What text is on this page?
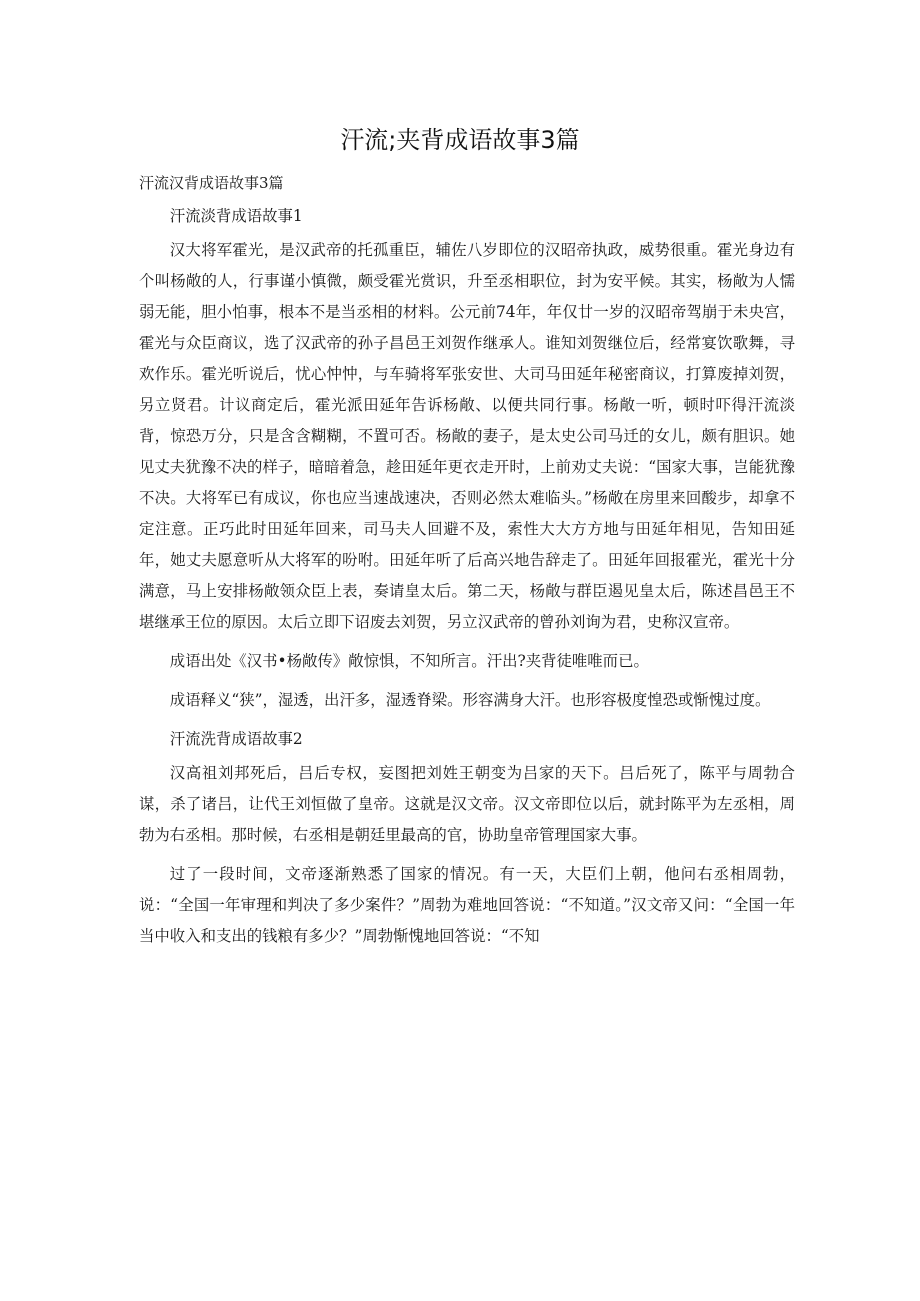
汗流;夹背成语故事3篇
汗流汉背成语故事3篇

汗流淡背成语故事1

汉大将军霍光，是汉武帝的托孤重臣，辅佐八岁即位的汉昭帝执政，威势很重。霍光身边有个叫杨敞的人，行事谨小慎微，颇受霍光赏识，升至丞相职位，封为安平候。其实，杨敞为人懦弱无能，胆小怕事，根本不是当丞相的材料。公元前74年，年仅廿一岁的汉昭帝驾崩于未央宫，霍光与众臣商议，选了汉武帝的孙子昌邑王刘贺作继承人。谁知刘贺继位后，经常宴饮歌舞，寻欢作乐。霍光听说后，忧心忡忡，与车骑将军张安世、大司马田延年秘密商议，打算废掉刘贺，另立贤君。计议商定后，霍光派田延年告诉杨敞、以便共同行事。杨敞一听，顿时吓得汗流淡背，惊恐万分，只是含含糊糊，不置可否。杨敞的妻子，是太史公司马迁的女儿，颇有胆识。她见丈夫犹豫不决的样子，暗暗着急，趁田延年更衣走开时，上前劝丈夫说：“国家大事，岂能犹豫不决。大将军已有成议，你也应当速战速决，否则必然太难临头。”杨敞在房里来回酸步，却拿不定注意。正巧此时田延年回来，司马夫人回避不及，索性大大方方地与田延年相见，告知田延年，她丈夫愿意听从大将军的吩咐。田延年听了后高兴地告辞走了。田延年回报霍光，霍光十分满意，马上安排杨敞领众臣上表，奏请皇太后。第二天，杨敞与群臣遏见皇太后，陈述昌邑王不堪继承王位的原因。太后立即下诏废去刘贺，另立汉武帝的曾孙刘询为君，史称汉宣帝。

成语出处《汉书•杨敞传》敞惊惧，不知所言。汗出?夹背徒唯唯而已。

成语释义“狭”，湿透，出汗多，湿透脊梁。形容满身大汗。也形容极度惶恐或惭愧过度。

汗流洗背成语故事2

汉高祖刘邦死后，吕后专权，妄图把刘姓王朝变为吕家的天下。吕后死了，陈平与周勃合谋，杀了诸吕，让代王刘恒做了皇帝。这就是汉文帝。汉文帝即位以后，就封陈平为左丞相，周勃为右丞相。那时候，右丞相是朝廷里最高的官，协助皇帝管理国家大事。

过了一段时间，文帝逐渐熟悉了国家的情况。有一天，大臣们上朝，他问右丞相周勃，说：“全国一年审理和判决了多少案件？”周勃为难地回答说：“不知道。”汉文帝又问：“全国一年当中收入和支出的钱粮有多少？”周勃惭愧地回答说：“不知
